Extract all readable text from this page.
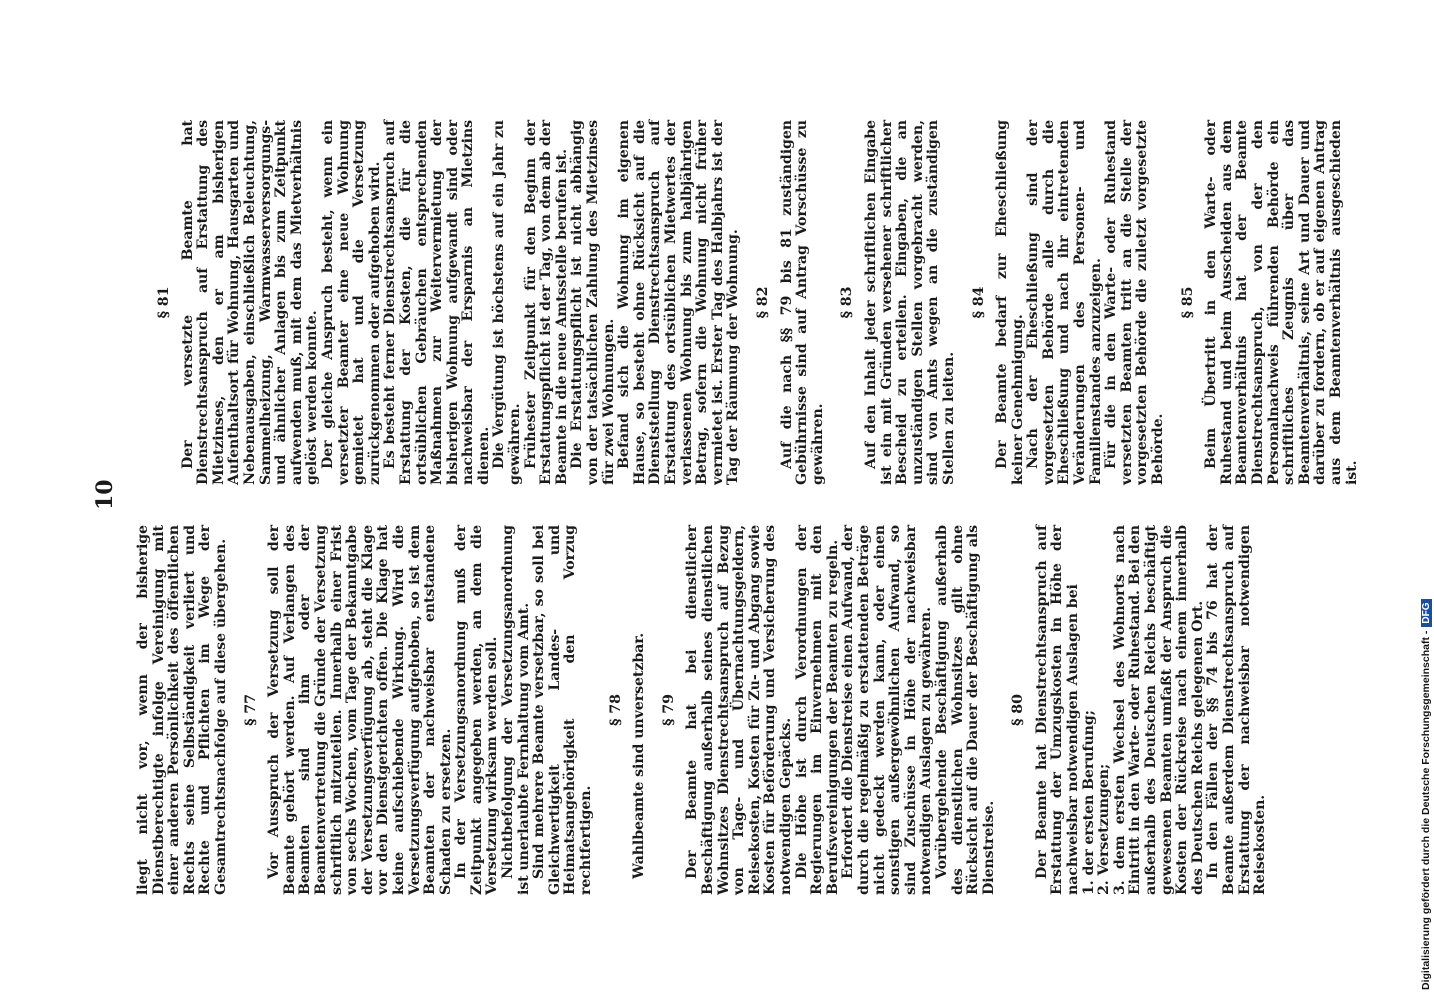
10

liegt nicht vor, wenn der bisherige Dienstberechtigte infolge Vereinigung mit einer anderen Persönlichkeit des öffentlichen Rechts seine Selbständigkeit verliert und Rechte und Pflichten im Wege der Gesamtrechtsnachfolge auf diese übergehen. § 77 Vor Ausspruch der Versetzung soll der Beamte gehört werden. Auf Verlangen des Beamten sind ihm oder der Beamtenvertretung die Gründe der Versetzung schriftlich mitzuteilen. Innerhalb einer Frist von sechs Wochen, vom Tage der Bekanntgabe der Versetzungsverfügung ab, steht die Klage vor den Dienstgerichten offen. Die Klage hat keine aufschiebende Wirkung. Wird die Versetzungsverfügung aufgehoben, so ist dem Beamten der nachweisbar entstandene Schaden zu ersetzen. In der Versetzungsanordnung muß der Zeitpunkt angegeben werden, an dem die Versetzung wirksam werden soll. Nichtbefolgung der Versetzungsanordnung ist unerlaubte Fernhaltung vom Amt. Sind mehrere Beamte versetzbar, so soll bei Gleichwertigkeit Landes- und Heimatsangehörigkeit den Vorzug rechtfertigen.

§ 78 Wahlbeamte sind unversetzbar. § 79 Der Beamte hat bei dienstlicher Beschäftigung außerhalb seines dienstlichen Wohnsitzes Dienstrechtsanspruch auf Bezug von Tage- und Übernachtungsgeldern, Reisekosten, Kosten für Zu- und Abgang sowie Kosten für Beförderung und Versicherung des notwendigen Gepäcks. Die Höhe ist durch Verordnungen der Regierungen im Einvernehmen mit den Berufsvereinigungen der Beamten zu regeln. Erfordert die Dienstreise einen Aufwand, der durch die regelmäßig zu erstattenden Beträge nicht gedeckt werden kann, oder einen sonstigen außergewöhnlichen Aufwand, so sind Zuschüsse in Höhe der nachweisbar notwendigen Auslagen zu gewähren. Vorübergehende Beschäftigung außerhalb des dienstlichen Wohnsitzes gilt ohne Rücksicht auf die Dauer der Beschäftigung als Dienstreise.

§ 80 Der Beamte hat Dienstrechtsanspruch auf Erstattung der Umzugskosten in Höhe der nachweisbar notwendigen Auslagen bei 1. der ersten Berufung; 2. Versetzungen; 3. dem ersten Wechsel des Wohnorts nach Eintritt in den Warte- oder Ruhestand. Bei den außerhalb des Deutschen Reichs beschäftigt gewesenen Beamten umfaßt der Anspruch die Kosten der Rückreise nach einem innerhalb des Deutschen Reichs gelegenen Ort. In den Fällen der §§ 74 bis 76 hat der Beamte außerdem Dienstrechtsanspruch auf Erstattung der nachweisbar notwendigen Reisekosten.

§ 81 Der versetzte Beamte hat Dienstrechtsanspruch auf Erstattung des Mietzinses, den er am bisherigen Aufenthaltsort für Wohnung, Hausgarten und Nebenausgaben, einschließlich Beleuchtung, Sammelheizung, Warmwasserversorgungs- und ähnlicher Anlagen bis zum Zeitpunkt aufwenden muß, mit dem das Mietverhältnis gelöst werden konnte. Der gleiche Anspruch besteht, wenn ein versetzter Beamter eine neue Wohnung gemietet hat und die Versetzung zurückgenommen oder aufgehoben wird. Es besteht ferner Dienstrechtsanspruch auf Erstattung der Kosten, die für die ortsüblichen Gebräuchen entsprechenden Maßnahmen zur Weitervermietung der bisherigen Wohnung aufgewandt sind oder nachweisbar der Ersparnis an Mietzins dienen. Die Vergütung ist höchstens auf ein Jahr zu gewähren. Frühester Zeitpunkt für den Beginn der Erstattungspflicht ist der Tag, von dem ab der Beamte in die neue Amtsstelle berufen ist. Die Erstattungspflicht ist nicht abhängig von der tatsächlichen Zahlung des Mietzinses für zwei Wohnungen. Befand sich die Wohnung im eigenen Hause, so besteht ohne Rücksicht auf die Dienststellung Dienstrechtsanspruch auf Erstattung des ortsüblichen Mietwertes der verlassenen Wohnung bis zum halbjährigen Betrag, sofern die Wohnung nicht früher vermietet ist. Erster Tag des Halbjahrs ist der Tag der Räumung der Wohnung. § 82 Auf die nach §§ 79 bis 81 zuständigen Gebührnisse sind auf Antrag Vorschüsse zu gewähren.

§ 83 Auf den Inhalt jeder schriftlichen Eingabe ist ein mit Gründen versehener schriftlicher Bescheid zu erteilen. Eingaben, die an unzuständigen Stellen vorgebracht werden, sind von Amts wegen an die zuständigen Stellen zu leiten.

§ 84 Der Beamte bedarf zur Eheschließung keiner Genehmigung. Nach der Eheschließung sind der vorgesetzten Behörde alle durch die Eheschließung und nach ihr eintretenden Veränderungen des Personen- und Familienstandes anzuzeigen. Für die in den Warte- oder Ruhestand versetzten Beamten tritt an die Stelle der vorgesetzten Behörde die zuletzt vorgesetzte Behörde.

§ 85 Beim Übertritt in den Warte- oder Ruhestand und beim Ausscheiden aus dem Beamtenverhältnis hat der Beamte Dienstrechtsanspruch, von der den Personalnachweis führenden Behörde ein schriftliches Zeugnis über das Beamtenverhältnis, seine Art und Dauer und darüber zu fordern, ob er auf eigenen Antrag aus dem Beamtenverhältnis ausgeschieden ist.

Digitalisierung gefördert durch die Deutsche Forschungsgemeinschaft -DFG
